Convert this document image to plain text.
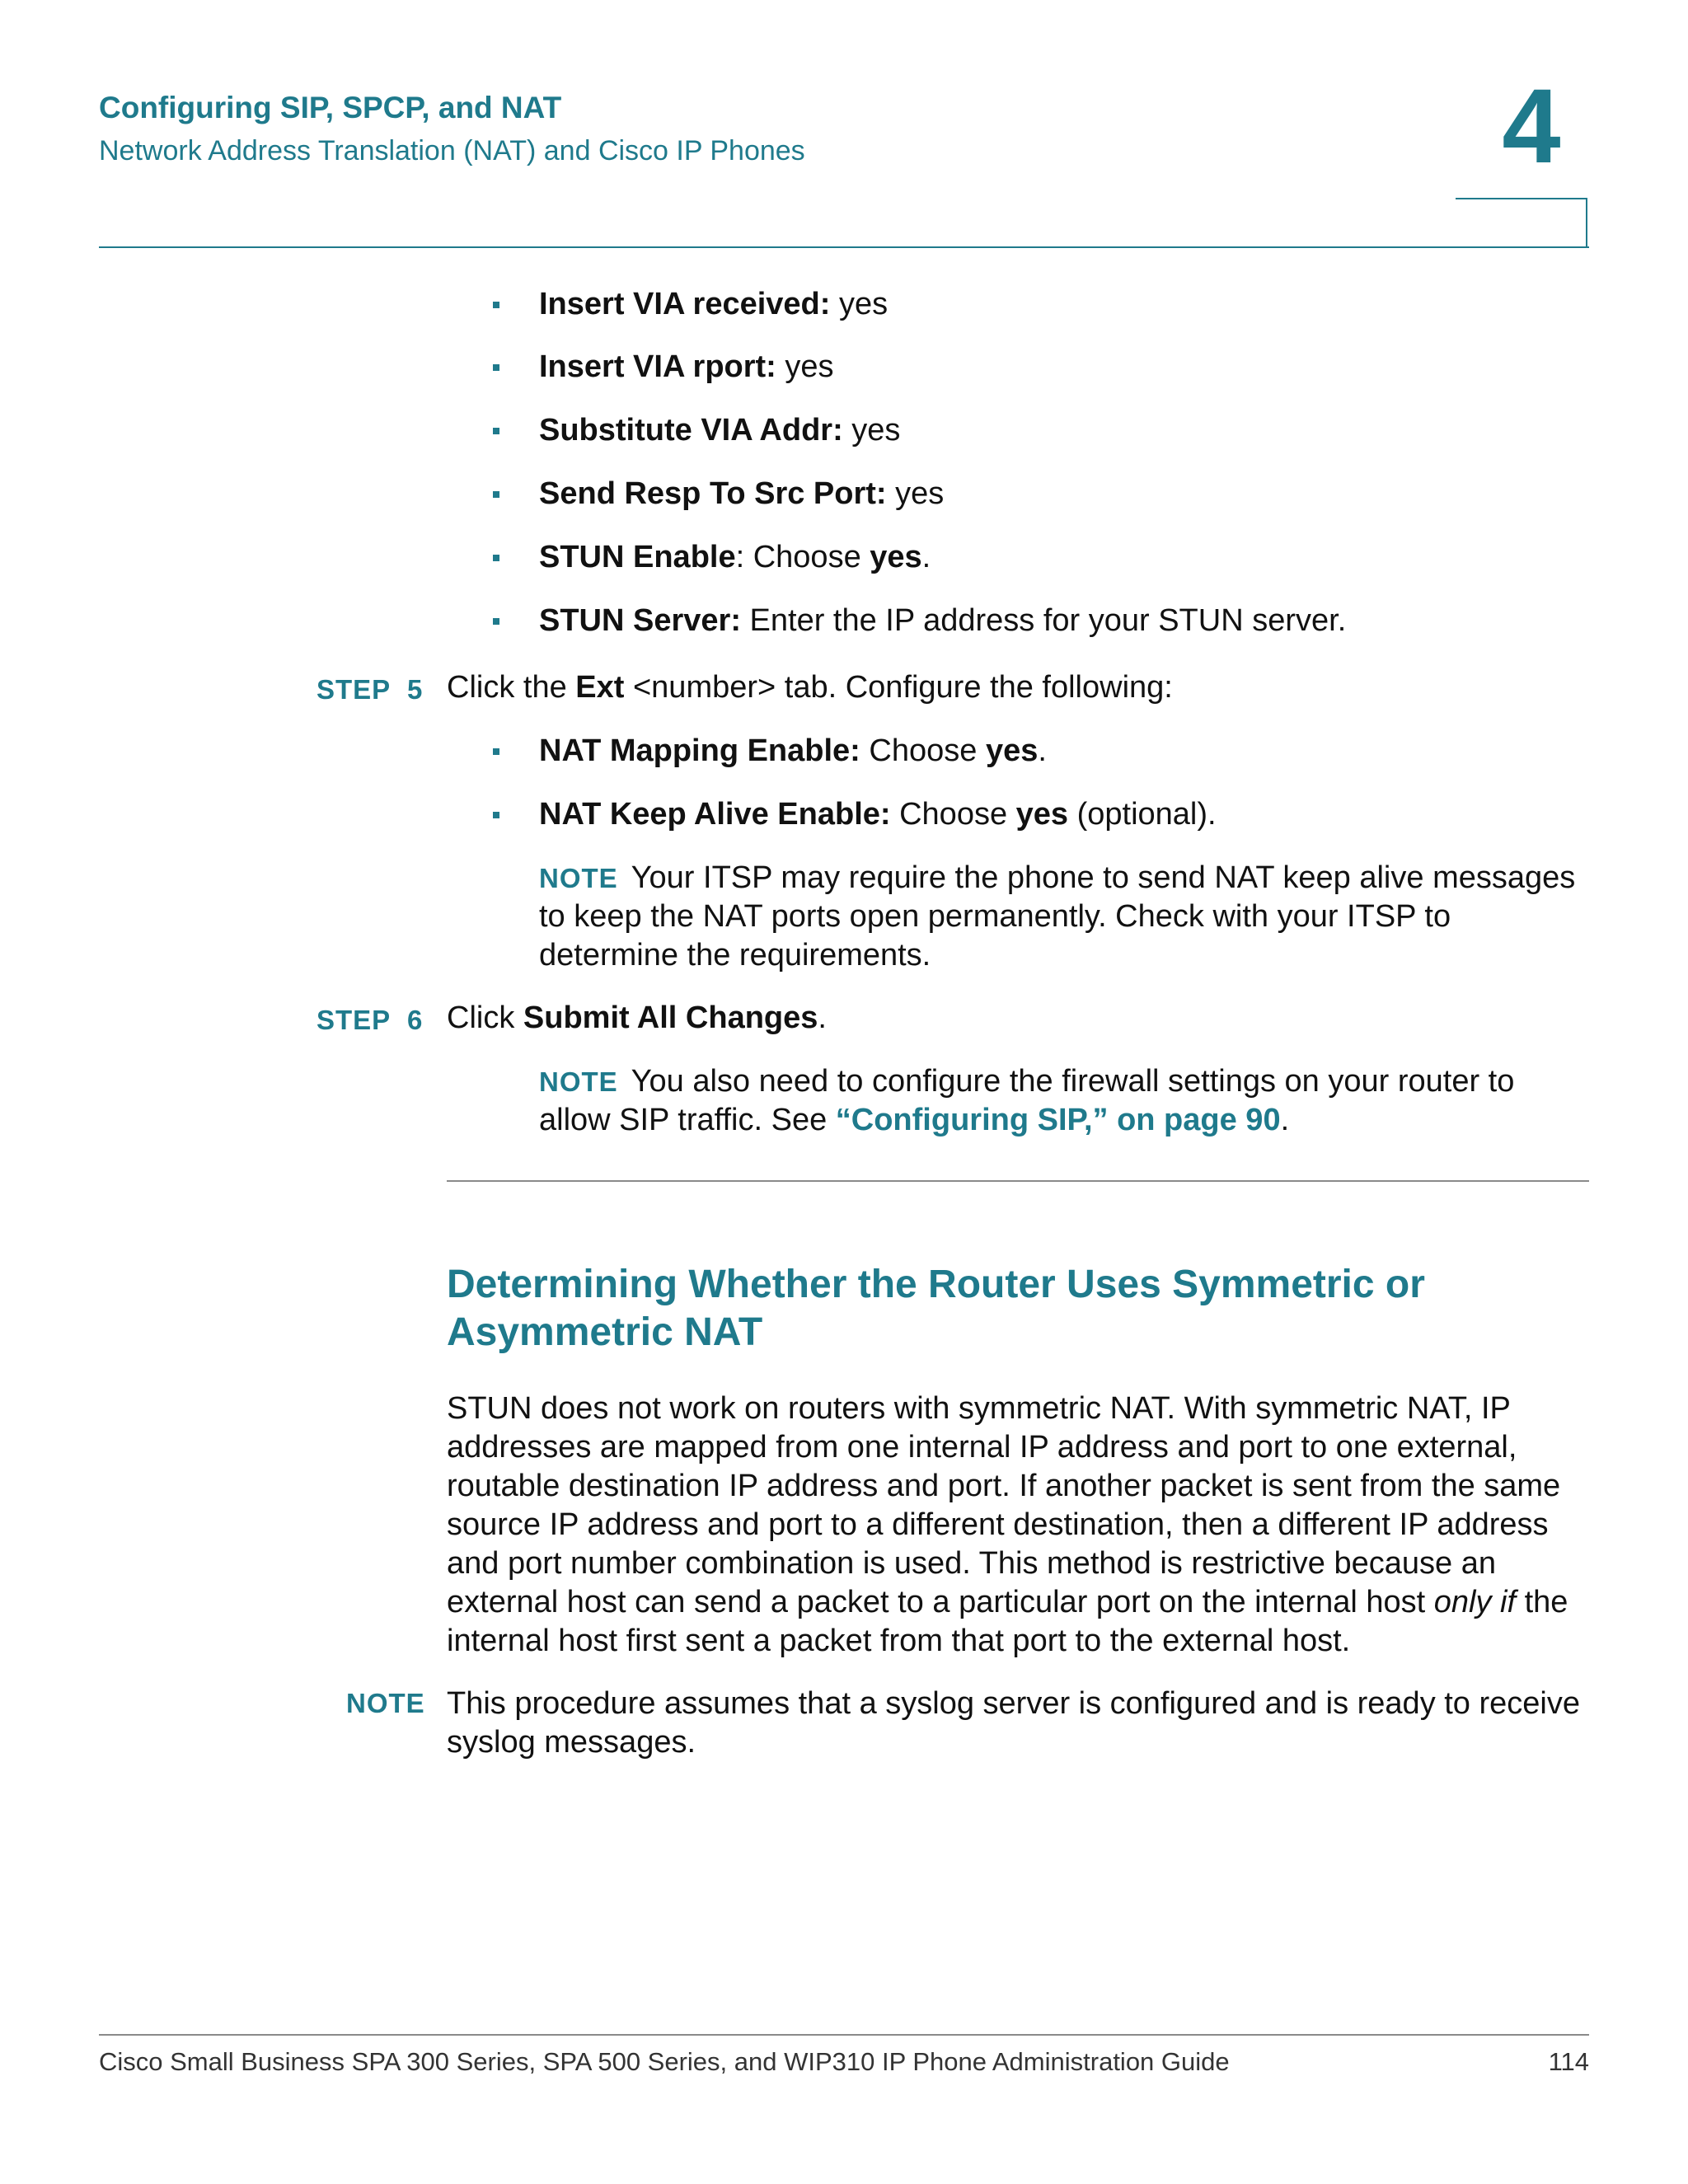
Configuring SIP, SPCP, and NAT
Network Address Translation (NAT) and Cisco IP Phones	4
Insert VIA received: yes
Insert VIA rport: yes
Substitute VIA Addr: yes
Send Resp To Src Port: yes
STUN Enable: Choose yes.
STUN Server: Enter the IP address for your STUN server.
STEP 5 Click the Ext <number> tab. Configure the following:
NAT Mapping Enable: Choose yes.
NAT Keep Alive Enable: Choose yes (optional).
NOTE Your ITSP may require the phone to send NAT keep alive messages to keep the NAT ports open permanently. Check with your ITSP to determine the requirements.
STEP 6 Click Submit All Changes.
NOTE You also need to configure the firewall settings on your router to allow SIP traffic. See “Configuring SIP,” on page 90.
Determining Whether the Router Uses Symmetric or Asymmetric NAT
STUN does not work on routers with symmetric NAT. With symmetric NAT, IP addresses are mapped from one internal IP address and port to one external, routable destination IP address and port. If another packet is sent from the same source IP address and port to a different destination, then a different IP address and port number combination is used. This method is restrictive because an external host can send a packet to a particular port on the internal host only if the internal host first sent a packet from that port to the external host.
NOTE This procedure assumes that a syslog server is configured and is ready to receive syslog messages.
Cisco Small Business SPA 300 Series, SPA 500 Series, and WIP310 IP Phone Administration Guide	114
